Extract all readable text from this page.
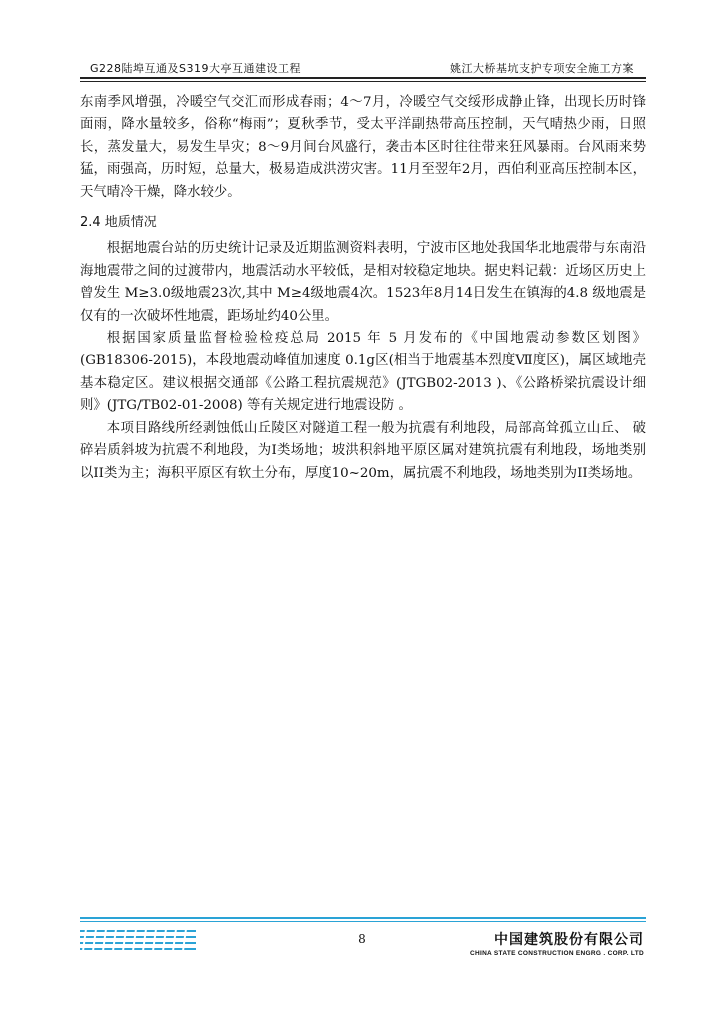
G228陆埠互通及S319大亭互通建设工程	姚江大桥基坑支护专项安全施工方案

东南季风增强，冷暖空气交汇而形成春雨；4～7月，冷暖空气交绥形成静止锋，出现长历时锋面雨，降水量较多，俗称“梅雨”；夏秋季节，受太平洋副热带高压控制，天气晴热少雨，日照长，蒸发量大，易发生旱灾；8～9月间台风盛行，袭击本区时往往带来狂风暴雨。台风雨来势猛，雨强高，历时短，总量大，极易造成洪涝灾害。11月至翌年2月，西伯利亚高压控制本区，天气晴冷干燥，降水较少。

2.4 地质情况

根据地震台站的历史统计记录及近期监测资料表明，宁波市区地处我国华北地震带与东南沿海地震带之间的过渡带内，地震活动水平较低，是相对较稳定地块。据史料记载：近场区历史上曾发生 M≥3.0级地震23次,其中 M≥4级地震4次。1523年8月14日发生在镇海的4.8 级地震是仅有的一次破坏性地震，距场址约40公里。

根据国家质量监督检验检疫总局 2015 年 5 月发布的《中国地震动参数区划图》(GB18306-2015)，本段地震动峰值加速度 0.1g区(相当于地震基本烈度Ⅶ度区)，属区域地壳基本稳定区。建议根据交通部《公路工程抗震规范》(JTGB02-2013 )、《公路桥梁抗震设计细则》(JTG/TB02-01-2008) 等有关规定进行地震设防 。

本项目路线所经剥蚀低山丘陵区对隧道工程一般为抗震有利地段，局部高耸孤立山丘、 破碎岩质斜坡为抗震不利地段，为Ⅰ类场地；坡洪积斜地平原区属对建筑抗震有利地段，场地类别以II类为主；海积平原区有软土分布，厚度10~20m，属抗震不利地段，场地类别为II类场地。

8	中国建筑股份有限公司
CHINA STATE CONSTRUCTION ENGRG . CORP. LTD
